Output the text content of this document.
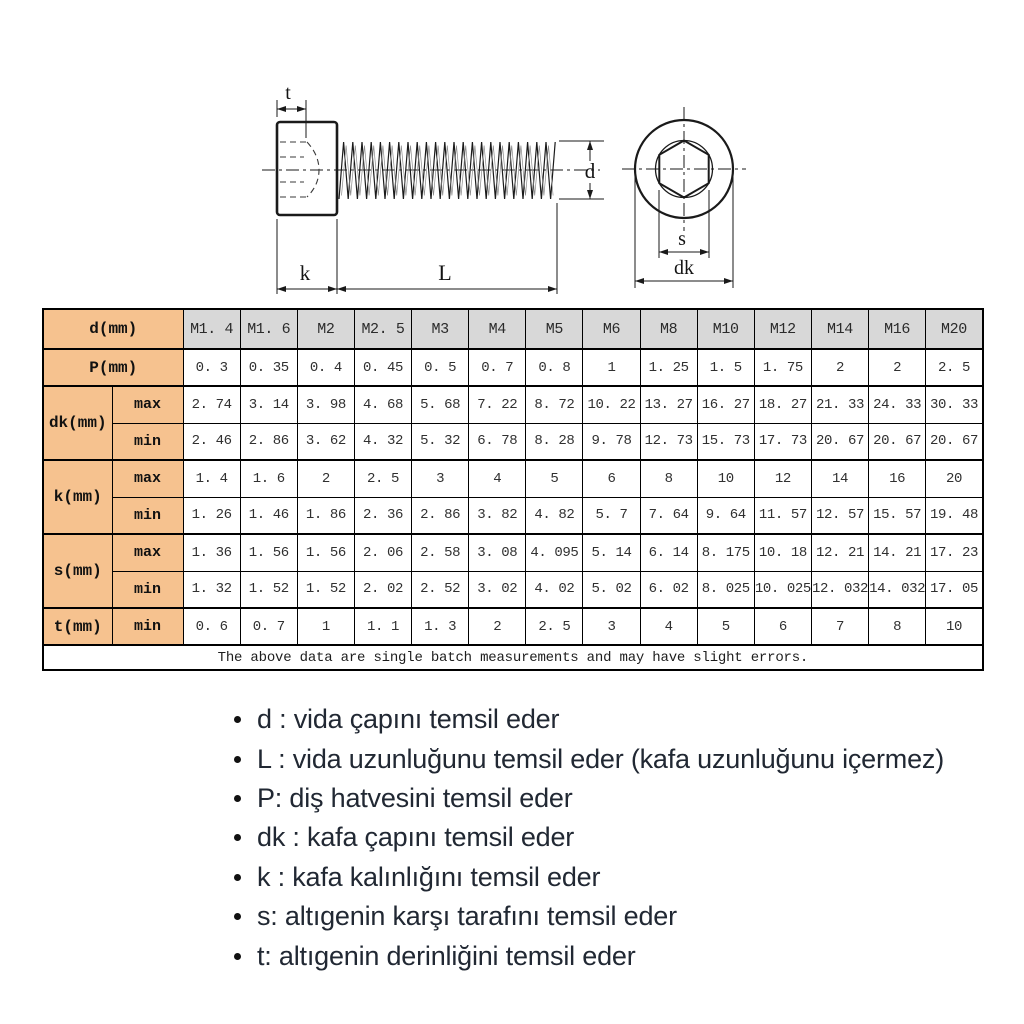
t
d
k	L
s
dk
d(mm)		M1. 4	M1. 6	M2	M2. 5	M3	M4	M5	M6	M8	M10	M12	M14	M16	M20
P(mm)		0. 3	0. 35	0. 4	0. 45	0. 5	0. 7	0. 8	1	1. 25	1. 5	1. 75	2	2	2. 5
dk(mm)	max	2. 74	3. 14	3. 98	4. 68	5. 68	7. 22	8. 72	10. 22	13. 27	16. 27	18. 27	21. 33	24. 33	30. 33
	min	2. 46	2. 86	3. 62	4. 32	5. 32	6. 78	8. 28	9. 78	12. 73	15. 73	17. 73	20. 67	20. 67	20. 67
k(mm)	max	1. 4	1. 6	2	2. 5	3	4	5	6	8	10	12	14	16	20
	min	1. 26	1. 46	1. 86	2. 36	2. 86	3. 82	4. 82	5. 7	7. 64	9. 64	11. 57	12. 57	15. 57	19. 48
s(mm)	max	1. 36	1. 56	1. 56	2. 06	2. 58	3. 08	4. 095	5. 14	6. 14	8. 175	10. 18	12. 21	14. 21	17. 23
	min	1. 32	1. 52	1. 52	2. 02	2. 52	3. 02	4. 02	5. 02	6. 02	8. 025	10. 025	12. 032	14. 032	17. 05
t(mm)	min	0. 6	0. 7	1	1. 1	1. 3	2	2. 5	3	4	5	6	7	8	10
The above data are single batch measurements and may have slight errors.															
d : vida çapını temsil eder
L : vida uzunluğunu temsil eder (kafa uzunluğunu içermez)
P: diş hatvesini temsil eder
dk : kafa çapını temsil eder
k : kafa kalınlığını temsil eder
s: altıgenin karşı tarafını temsil eder
t: altıgenin derinliğini temsil eder
